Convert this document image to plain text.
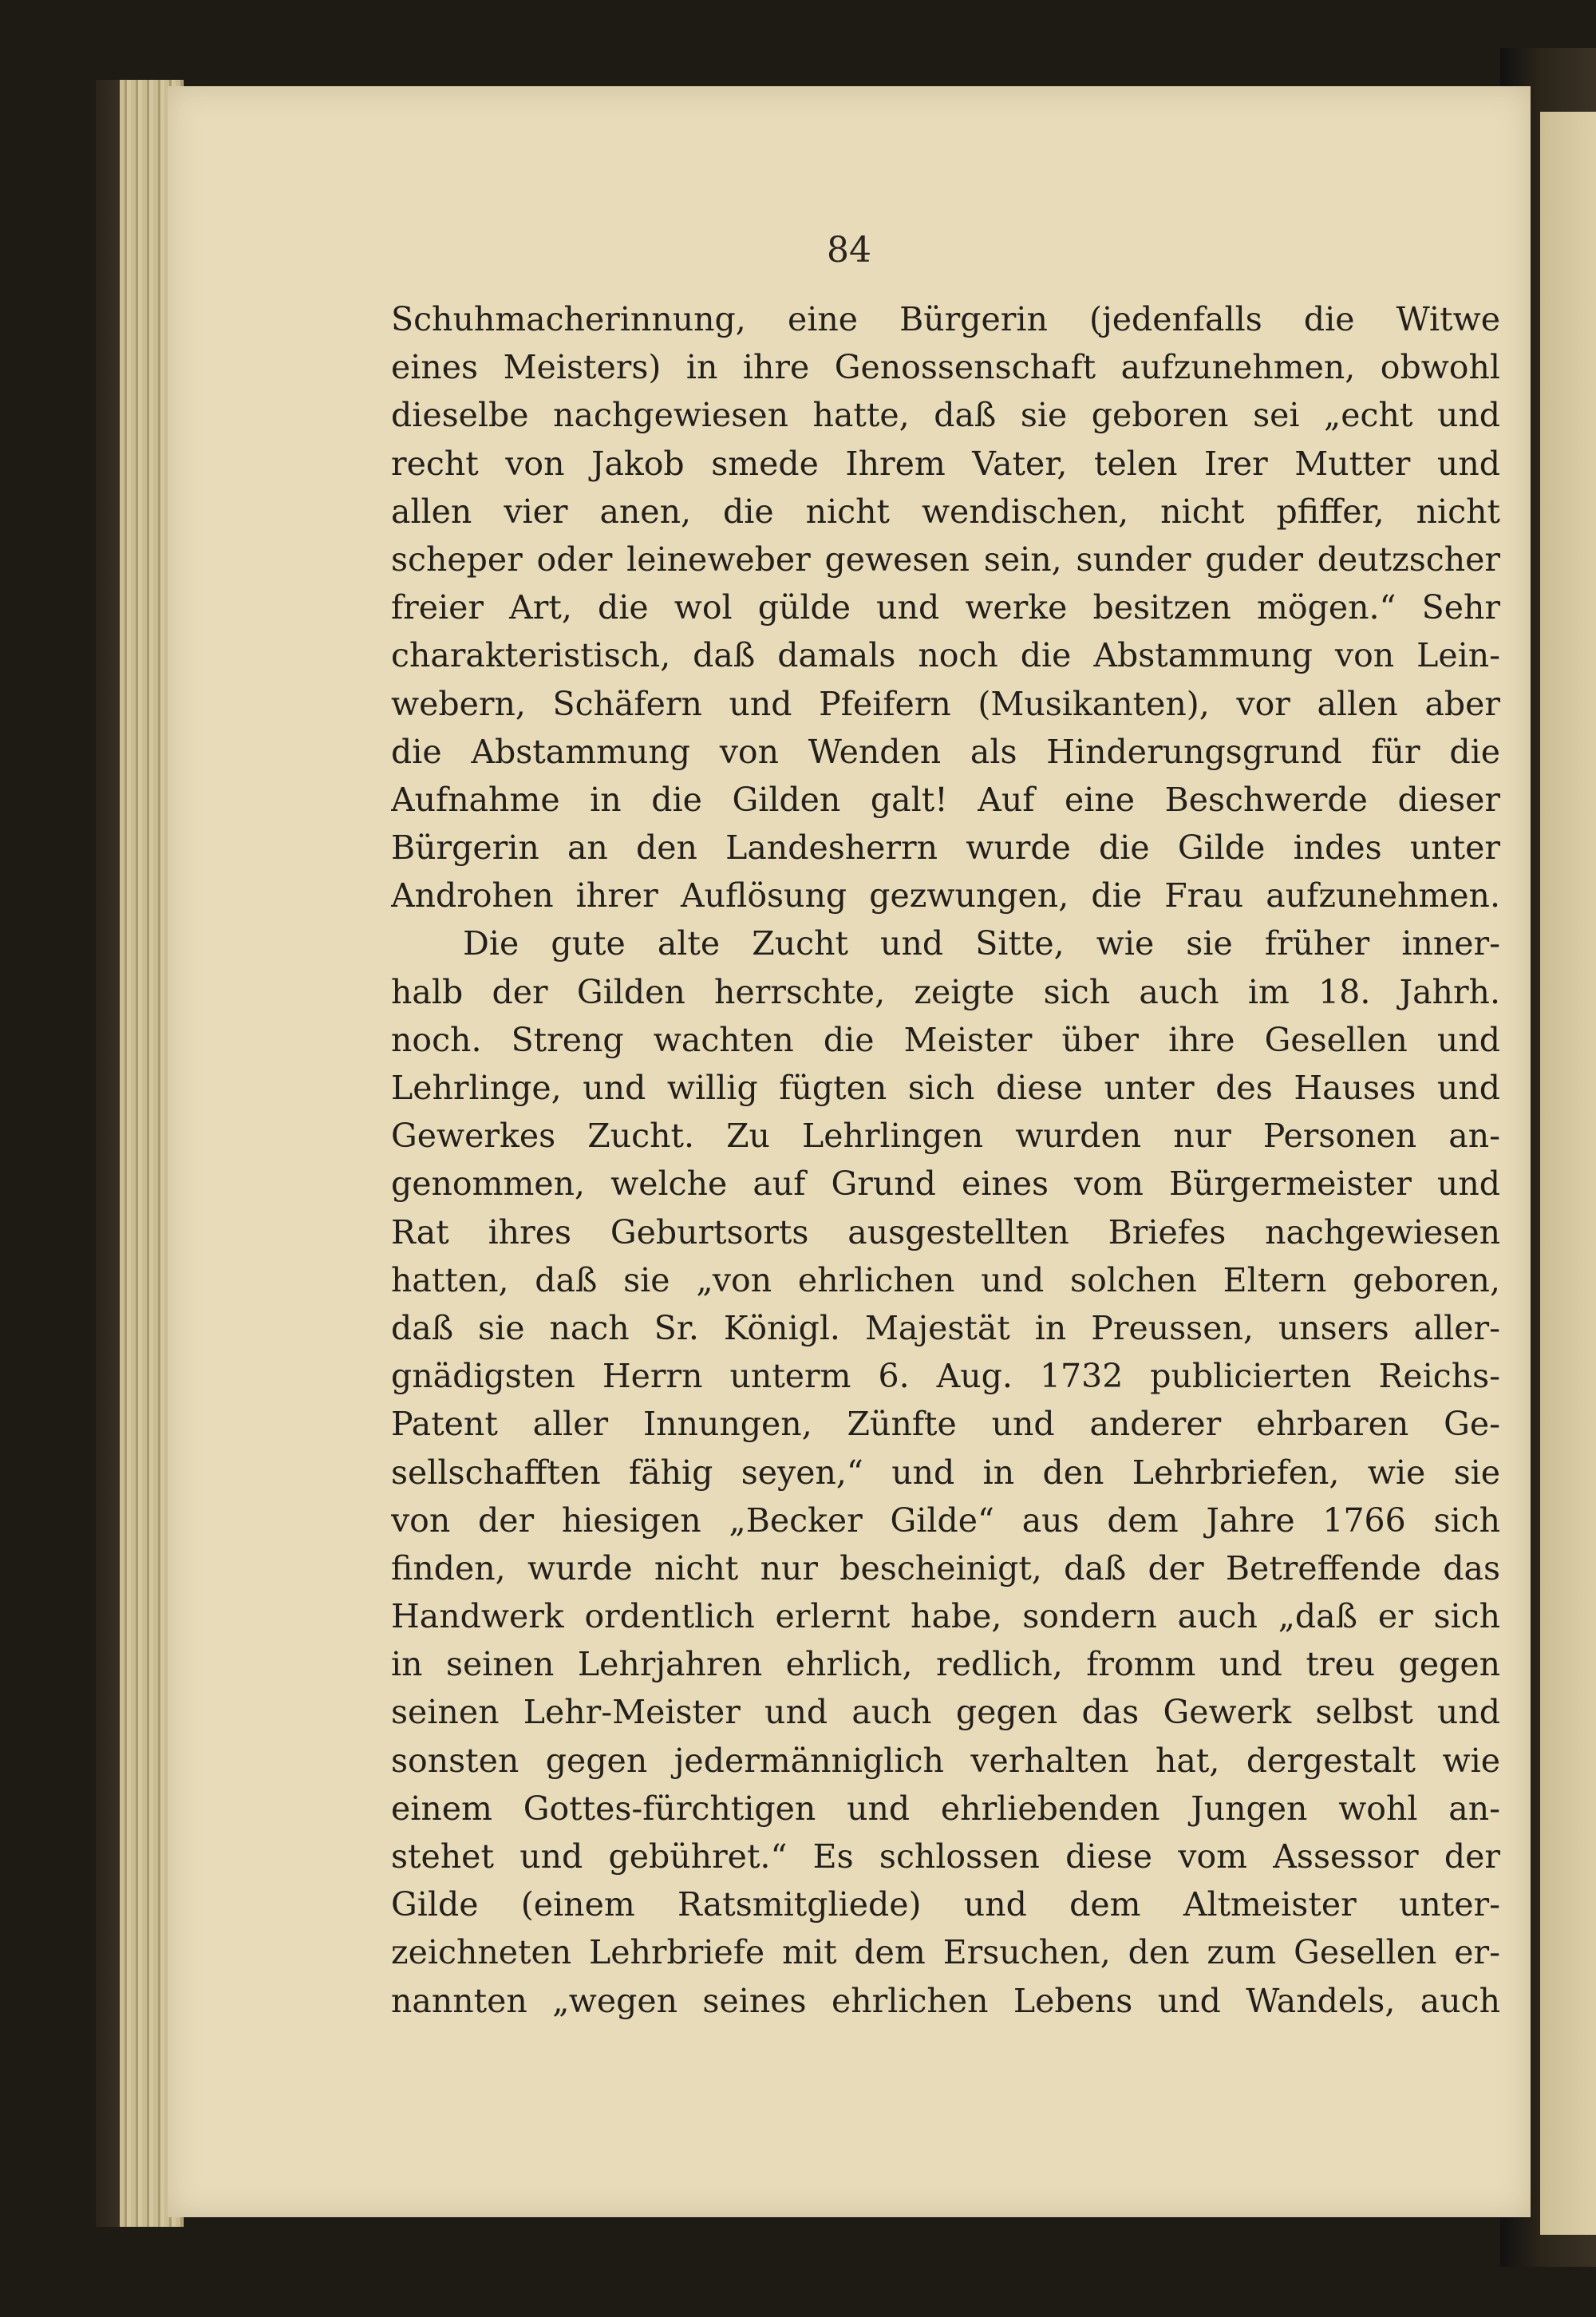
84
Schuhmacherinnung, eine Bürgerin (jedenfalls die Witwe
eines Meisters) in ihre Genossenschaft aufzunehmen, obwohl
dieselbe nachgewiesen hatte, daß sie geboren sei „echt und
recht von Jakob smede Ihrem Vater, telen Irer Mutter und
allen vier anen, die nicht wendischen, nicht pfiffer, nicht
scheper oder leineweber gewesen sein, sunder guder deutzscher
freier Art, die wol gülde und werke besitzen mögen.“ Sehr
charakteristisch, daß damals noch die Abstammung von Lein-
webern, Schäfern und Pfeifern (Musikanten), vor allen aber
die Abstammung von Wenden als Hinderungsgrund für die
Aufnahme in die Gilden galt! Auf eine Beschwerde dieser
Bürgerin an den Landesherrn wurde die Gilde indes unter
Androhen ihrer Auflösung gezwungen, die Frau aufzunehmen.
Die gute alte Zucht und Sitte, wie sie früher inner-
halb der Gilden herrschte, zeigte sich auch im 18. Jahrh.
noch. Streng wachten die Meister über ihre Gesellen und
Lehrlinge, und willig fügten sich diese unter des Hauses und
Gewerkes Zucht. Zu Lehrlingen wurden nur Personen an-
genommen, welche auf Grund eines vom Bürgermeister und
Rat ihres Geburtsorts ausgestellten Briefes nachgewiesen
hatten, daß sie „von ehrlichen und solchen Eltern geboren,
daß sie nach Sr. Königl. Majestät in Preussen, unsers aller-
gnädigsten Herrn unterm 6. Aug. 1732 publicierten Reichs-
Patent aller Innungen, Zünfte und anderer ehrbaren Ge-
sellschafften fähig seyen,“ und in den Lehrbriefen, wie sie
von der hiesigen „Becker Gilde“ aus dem Jahre 1766 sich
finden, wurde nicht nur bescheinigt, daß der Betreffende das
Handwerk ordentlich erlernt habe, sondern auch „daß er sich
in seinen Lehrjahren ehrlich, redlich, fromm und treu gegen
seinen Lehr-Meister und auch gegen das Gewerk selbst und
sonsten gegen jedermänniglich verhalten hat, dergestalt wie
einem Gottes-fürchtigen und ehrliebenden Jungen wohl an-
stehet und gebühret.“ Es schlossen diese vom Assessor der
Gilde (einem Ratsmitgliede) und dem Altmeister unter-
zeichneten Lehrbriefe mit dem Ersuchen, den zum Gesellen er-
nannten „wegen seines ehrlichen Lebens und Wandels, auch
